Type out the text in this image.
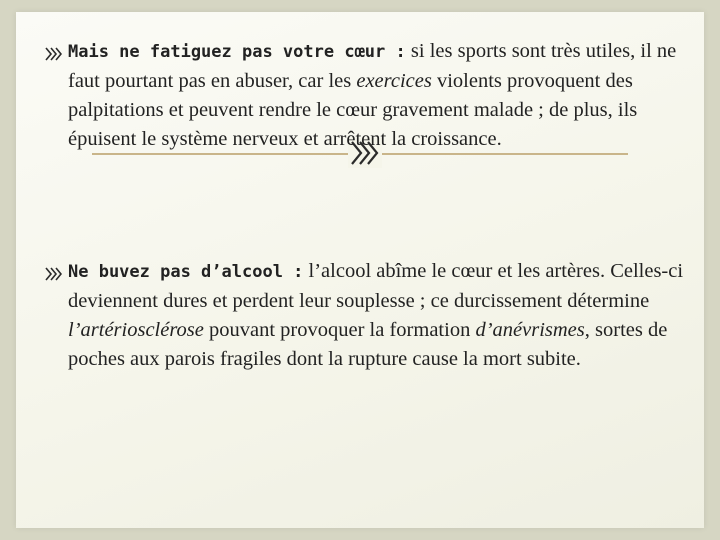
Mais ne fatiguez pas votre cœur : si les sports sont très utiles, il ne faut pourtant pas en abuser, car les exercices violents provoquent des palpitations et peuvent rendre le cœur gravement malade ; de plus, ils épuisent le système nerveux et arrêtent la croissance.
Ne buvez pas d’alcool : l’alcool abîme le cœur et les artères. Celles-ci deviennent dures et perdent leur souplesse ; ce durcissement détermine l’artériosclérose pouvant provoquer la formation d’anévrismes, sortes de poches aux parois fragiles dont la rupture cause la mort subite.
